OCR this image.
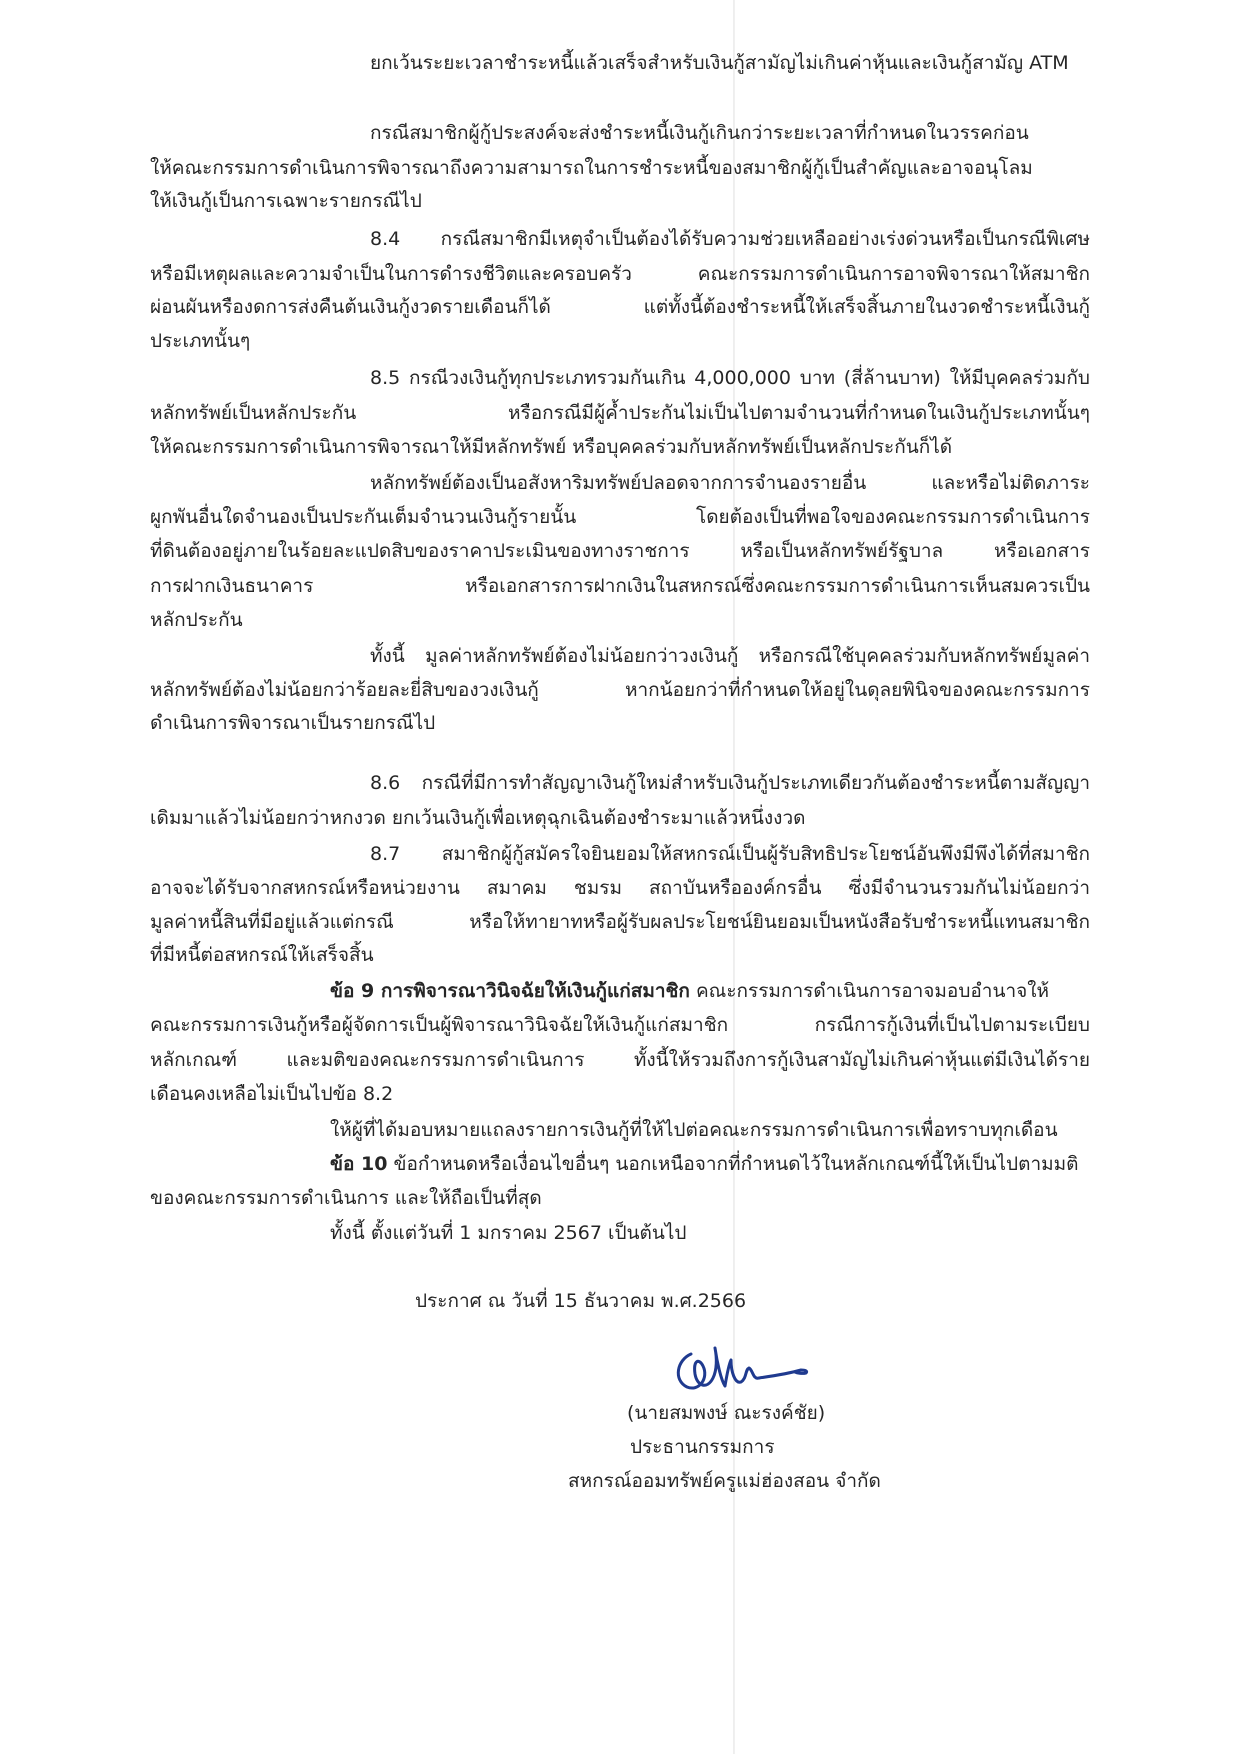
ยกเว้นระยะเวลาชำระหนี้แล้วเสร็จสำหรับเงินกู้สามัญไม่เกินค่าหุ้นและเงินกู้สามัญ ATM
กรณีสมาชิกผู้กู้ประสงค์จะส่งชำระหนี้เงินกู้เกินกว่าระยะเวลาที่กำหนดในวรรคก่อน
ให้คณะกรรมการดำเนินการพิจารณาถึงความสามารถในการชำระหนี้ของสมาชิกผู้กู้เป็นสำคัญและอาจอนุโลม
ให้เงินกู้เป็นการเฉพาะรายกรณีไป
8.4 กรณีสมาชิกมีเหตุจำเป็นต้องได้รับความช่วยเหลืออย่างเร่งด่วนหรือเป็นกรณีพิเศษ
หรือมีเหตุผลและความจำเป็นในการดำรงชีวิตและครอบครัว คณะกรรมการดำเนินการอาจพิจารณาให้สมาชิก
ผ่อนผันหรืองดการส่งคืนต้นเงินกู้งวดรายเดือนก็ได้ แต่ทั้งนี้ต้องชำระหนี้ให้เสร็จสิ้นภายในงวดชำระหนี้เงินกู้
ประเภทนั้นๆ
8.5 กรณีวงเงินกู้ทุกประเภทรวมกันเกิน 4,000,000 บาท (สี่ล้านบาท) ให้มีบุคคลร่วมกับ
หลักทรัพย์เป็นหลักประกัน หรือกรณีมีผู้ค้ำประกันไม่เป็นไปตามจำนวนที่กำหนดในเงินกู้ประเภทนั้นๆ
ให้คณะกรรมการดำเนินการพิจารณาให้มีหลักทรัพย์ หรือบุคคลร่วมกับหลักทรัพย์เป็นหลักประกันก็ได้
หลักทรัพย์ต้องเป็นอสังหาริมทรัพย์ปลอดจากการจำนองรายอื่น และหรือไม่ติดภาระ
ผูกพันอื่นใดจำนองเป็นประกันเต็มจำนวนเงินกู้รายนั้น โดยต้องเป็นที่พอใจของคณะกรรมการดำเนินการ
ที่ดินต้องอยู่ภายในร้อยละแปดสิบของราคาประเมินของทางราชการ หรือเป็นหลักทรัพย์รัฐบาล หรือเอกสาร
การฝากเงินธนาคาร หรือเอกสารการฝากเงินในสหกรณ์ซึ่งคณะกรรมการดำเนินการเห็นสมควรเป็น
หลักประกัน
ทั้งนี้ มูลค่าหลักทรัพย์ต้องไม่น้อยกว่าวงเงินกู้ หรือกรณีใช้บุคคลร่วมกับหลักทรัพย์มูลค่า
หลักทรัพย์ต้องไม่น้อยกว่าร้อยละยี่สิบของวงเงินกู้ หากน้อยกว่าที่กำหนดให้อยู่ในดุลยพินิจของคณะกรรมการ
ดำเนินการพิจารณาเป็นรายกรณีไป
8.6 กรณีที่มีการทำสัญญาเงินกู้ใหม่สำหรับเงินกู้ประเภทเดียวกันต้องชำระหนี้ตามสัญญา
เดิมมาแล้วไม่น้อยกว่าหกงวด ยกเว้นเงินกู้เพื่อเหตุฉุกเฉินต้องชำระมาแล้วหนึ่งงวด
8.7 สมาชิกผู้กู้สมัครใจยินยอมให้สหกรณ์เป็นผู้รับสิทธิประโยชน์อันพึงมีพึงได้ที่สมาชิก
อาจจะได้รับจากสหกรณ์หรือหน่วยงาน สมาคม ชมรม สถาบันหรือองค์กรอื่น ซึ่งมีจำนวนรวมกันไม่น้อยกว่า
มูลค่าหนี้สินที่มีอยู่แล้วแต่กรณี หรือให้ทายาทหรือผู้รับผลประโยชน์ยินยอมเป็นหนังสือรับชำระหนี้แทนสมาชิก
ที่มีหนี้ต่อสหกรณ์ให้เสร็จสิ้น
ข้อ 9 การพิจารณาวินิจฉัยให้เงินกู้แก่สมาชิก คณะกรรมการดำเนินการอาจมอบอำนาจให้
คณะกรรมการเงินกู้หรือผู้จัดการเป็นผู้พิจารณาวินิจฉัยให้เงินกู้แก่สมาชิก กรณีการกู้เงินที่เป็นไปตามระเบียบ
หลักเกณฑ์ และมติของคณะกรรมการดำเนินการ ทั้งนี้ให้รวมถึงการกู้เงินสามัญไม่เกินค่าหุ้นแต่มีเงินได้ราย
เดือนคงเหลือไม่เป็นไปข้อ 8.2
ให้ผู้ที่ได้มอบหมายแถลงรายการเงินกู้ที่ให้ไปต่อคณะกรรมการดำเนินการเพื่อทราบทุกเดือน
ข้อ 10 ข้อกำหนดหรือเงื่อนไขอื่นๆ นอกเหนือจากที่กำหนดไว้ในหลักเกณฑ์นี้ให้เป็นไปตามมติ
ของคณะกรรมการดำเนินการ และให้ถือเป็นที่สุด
ทั้งนี้ ตั้งแต่วันที่ 1 มกราคม 2567 เป็นต้นไป
ประกาศ ณ วันที่ 15 ธันวาคม พ.ศ.2566
(นายสมพงษ์ ณะรงค์ชัย)
ประธานกรรมการ
สหกรณ์ออมทรัพย์ครูแม่ฮ่องสอน จำกัด
